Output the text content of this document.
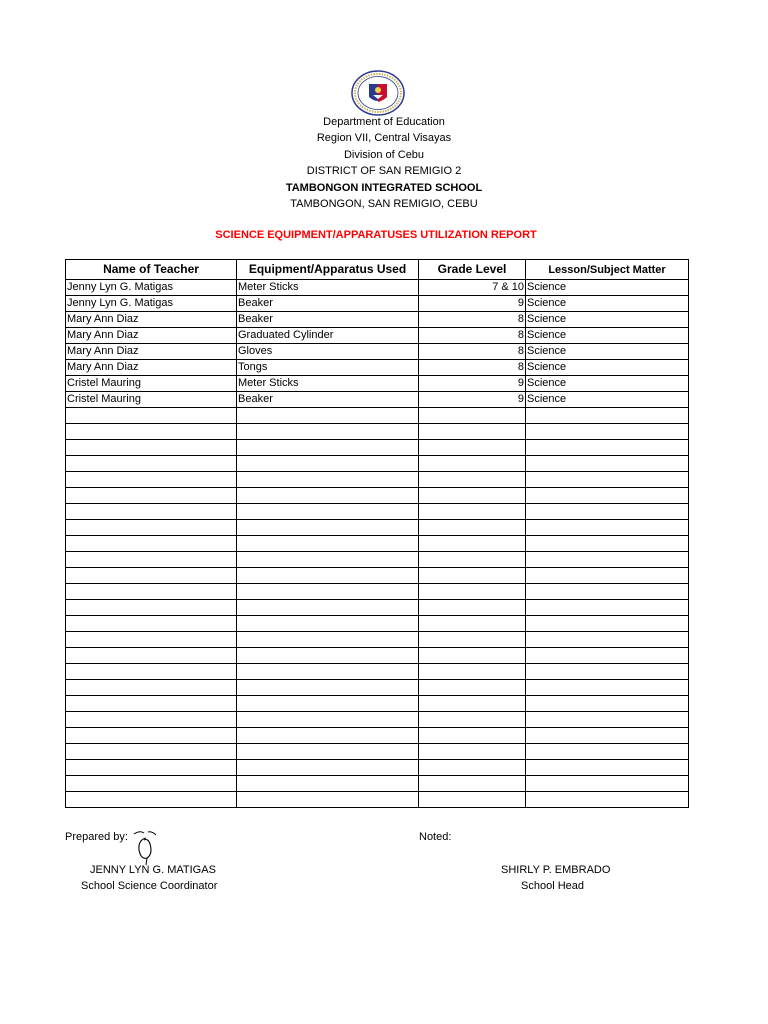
Department of Education
Region VII, Central Visayas
Division of Cebu
DISTRICT OF SAN REMIGIO 2
TAMBONGON INTEGRATED SCHOOL
TAMBONGON, SAN REMIGIO, CEBU
SCIENCE EQUIPMENT/APPARATUSES UTILIZATION REPORT
Name of Teacher	Equipment/Apparatus Used	Grade Level	Lesson/Subject Matter
Jenny Lyn G. Matigas	Meter Sticks	7 & 10	Science
Jenny Lyn G. Matigas	Beaker	9	Science
Mary Ann Diaz	Beaker	8	Science
Mary Ann Diaz	Graduated Cylinder	8	Science
Mary Ann Diaz	Gloves	8	Science
Mary Ann Diaz	Tongs	8	Science
Cristel Mauring	Meter Sticks	9	Science
Cristel Mauring	Beaker	9	Science

Prepared by:
JENNY LYN G. MATIGAS
School Science Coordinator
Noted:
SHIRLY P. EMBRADO
School Head
